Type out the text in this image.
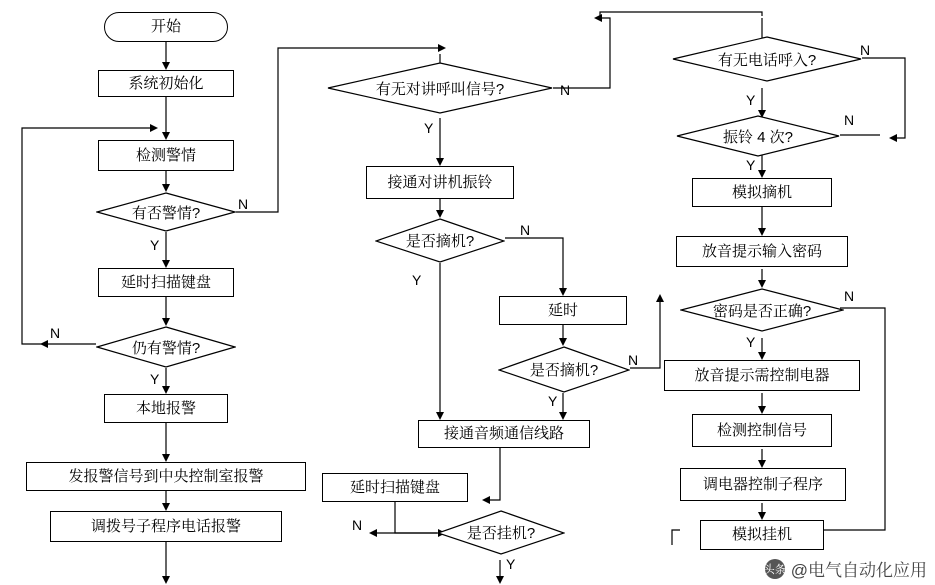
开始
系统初始化
检测警情
有否警情?
延时扫描键盘
仍有警情?
本地报警
发报警信号到中央控制室报警
调拨号子程序电话报警
有无对讲呼叫信号?
接通对讲机振铃
是否摘机?
延时
是否摘机?
接通音频通信线路
延时扫描键盘
是否挂机?
有无电话呼入?
振铃 4 次?
模拟摘机
放音提示输入密码
密码是否正确?
放音提示需控制电器
检测控制信号
调电器控制子程序
模拟挂机
N
Y
N
Y
N
Y
N
Y
N
Y
N
Y
N
Y
N
Y
N
Y
头条 @电气自动化应用
